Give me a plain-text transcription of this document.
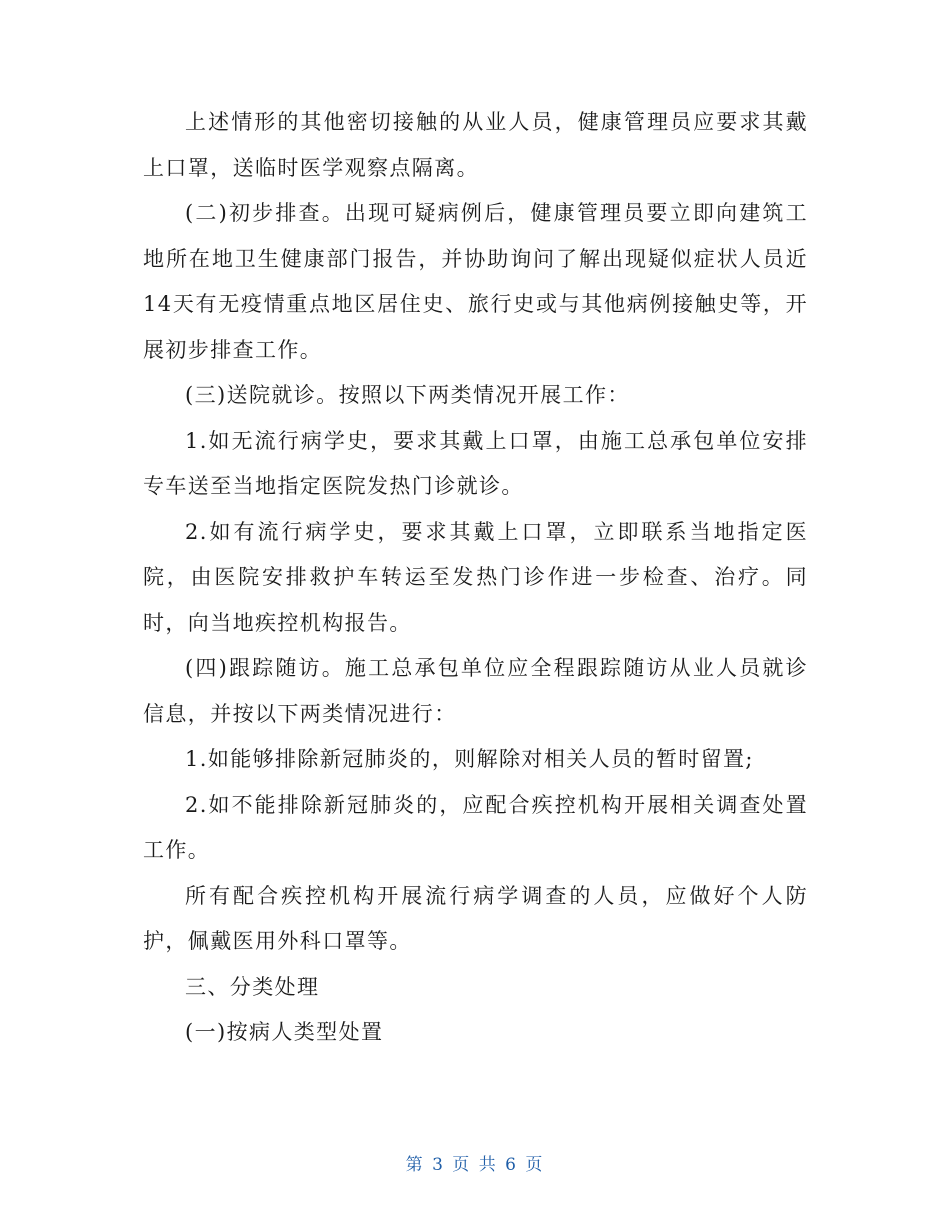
上述情形的其他密切接触的从业人员，健康管理员应要求其戴上口罩，送临时医学观察点隔离。

(二)初步排查。出现可疑病例后，健康管理员要立即向建筑工地所在地卫生健康部门报告，并协助询问了解出现疑似症状人员近14天有无疫情重点地区居住史、旅行史或与其他病例接触史等，开展初步排查工作。

(三)送院就诊。按照以下两类情况开展工作：

1.如无流行病学史，要求其戴上口罩，由施工总承包单位安排专车送至当地指定医院发热门诊就诊。

2.如有流行病学史，要求其戴上口罩，立即联系当地指定医院，由医院安排救护车转运至发热门诊作进一步检查、治疗。同时，向当地疾控机构报告。

(四)跟踪随访。施工总承包单位应全程跟踪随访从业人员就诊信息，并按以下两类情况进行：

1.如能够排除新冠肺炎的，则解除对相关人员的暂时留置;

2.如不能排除新冠肺炎的，应配合疾控机构开展相关调查处置工作。

所有配合疾控机构开展流行病学调查的人员，应做好个人防护，佩戴医用外科口罩等。

三、分类处理

(一)按病人类型处置

第 3 页 共 6 页
